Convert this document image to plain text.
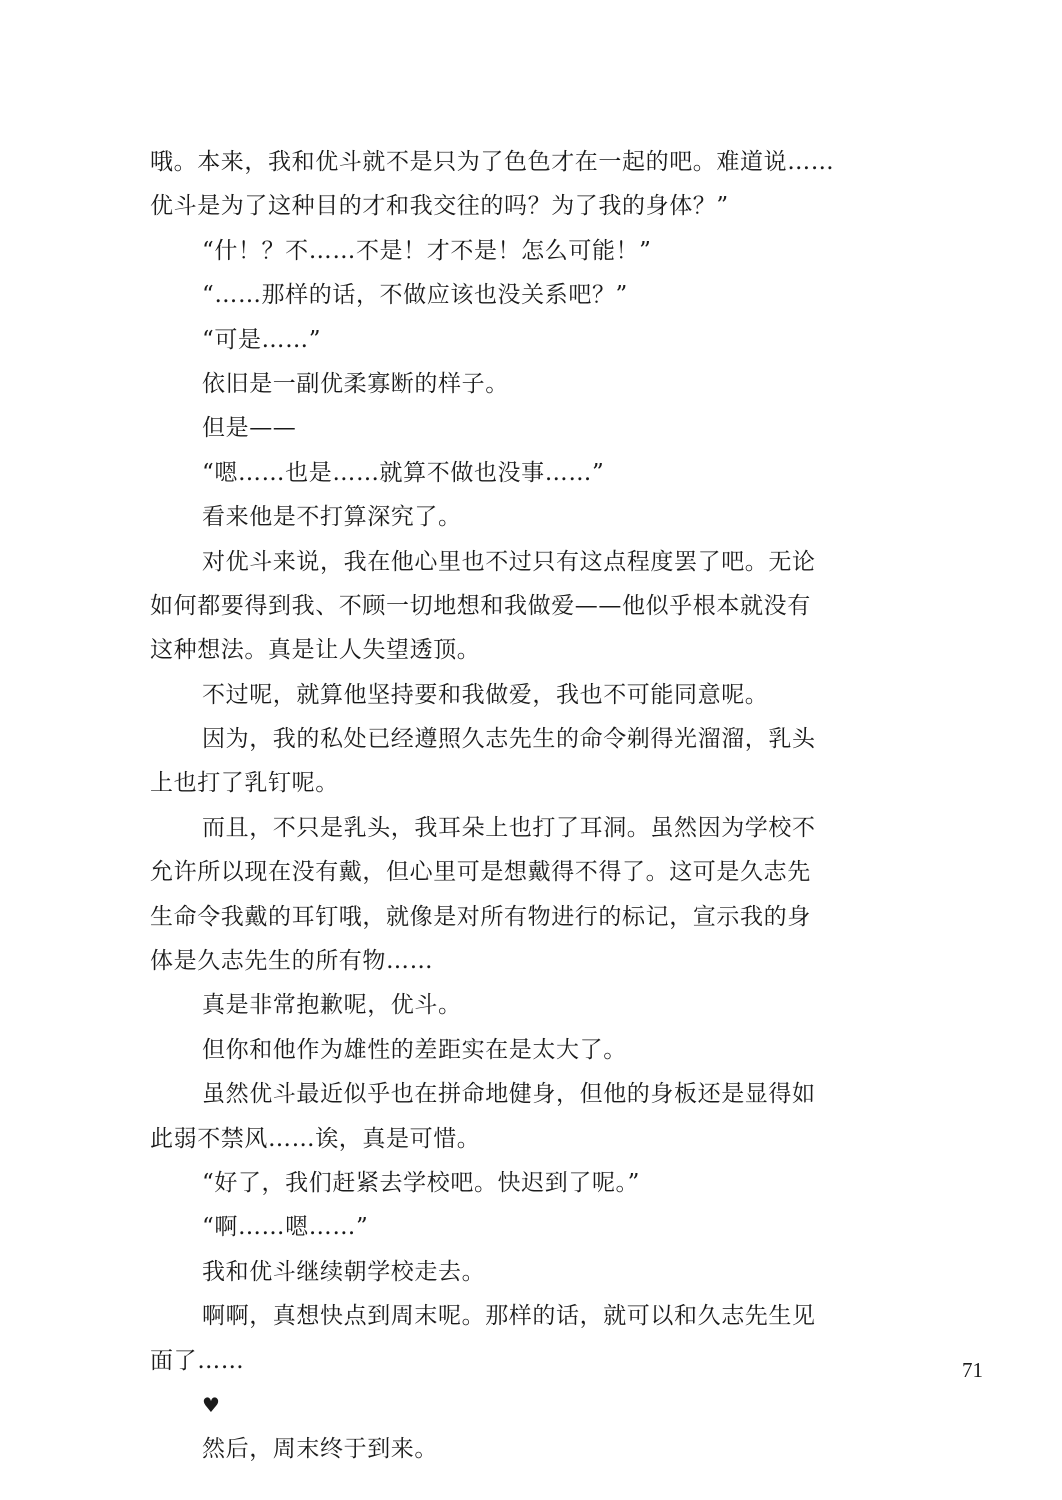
哦。本来，我和优斗就不是只为了色色才在一起的吧。难道说……
优斗是为了这种目的才和我交往的吗？为了我的身体？”
“什！？不……不是！才不是！怎么可能！”
“……那样的话，不做应该也没关系吧？”
“可是……”
依旧是一副优柔寡断的样子。
但是——
“嗯……也是……就算不做也没事……”
看来他是不打算深究了。
对优斗来说，我在他心里也不过只有这点程度罢了吧。无论
如何都要得到我、不顾一切地想和我做爱——他似乎根本就没有
这种想法。真是让人失望透顶。
不过呢，就算他坚持要和我做爱，我也不可能同意呢。
因为，我的私处已经遵照久志先生的命令剃得光溜溜，乳头
上也打了乳钉呢。
而且，不只是乳头，我耳朵上也打了耳洞。虽然因为学校不
允许所以现在没有戴，但心里可是想戴得不得了。这可是久志先
生命令我戴的耳钉哦，就像是对所有物进行的标记，宣示我的身
体是久志先生的所有物……
真是非常抱歉呢，优斗。
但你和他作为雄性的差距实在是太大了。
虽然优斗最近似乎也在拼命地健身，但他的身板还是显得如
此弱不禁风……诶，真是可惜。
“好了，我们赶紧去学校吧。快迟到了呢。”
“啊……嗯……”
我和优斗继续朝学校走去。
啊啊，真想快点到周末呢。那样的话，就可以和久志先生见
面了……
♥
然后，周末终于到来。
71
